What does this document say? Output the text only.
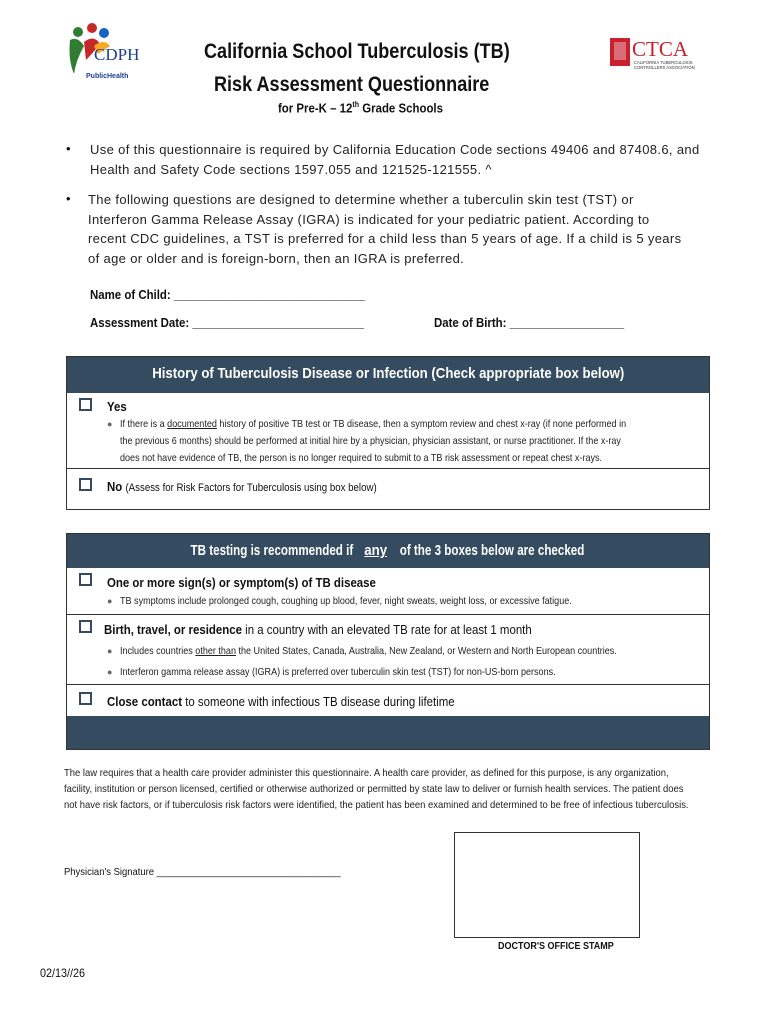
CDPH
PublicHealth
CTCA
CALIFORNIA TUBERCULOSIS
CONTROLLERS ASSOCIATION
California School Tuberculosis (TB)
Risk Assessment Questionnaire
for Pre-K – 12th Grade Schools
• Use of this questionnaire is required by California Education Code sections 49406 and 87408.6, and
Health and Safety Code sections 1597.055 and 121525-121555. ^
• The following questions are designed to determine whether a tuberculin skin test (TST) or
Interferon Gamma Release Assay (IGRA) is indicated for your pediatric patient. According to
recent CDC guidelines, a TST is preferred for a child less than 5 years of age. If a child is 5 years
of age or older and is foreign-born, then an IGRA is preferred.
Name of Child: ______________________________
Assessment Date: ___________________________	Date of Birth: __________________
History of Tuberculosis Disease or Infection (Check appropriate box below)
Yes
● If there is a documented history of positive TB test or TB disease, then a symptom review and chest x-ray (if none performed in
the previous 6 months) should be performed at initial hire by a physician, physician assistant, or nurse practitioner. If the x-ray
does not have evidence of TB, the person is no longer required to submit to a TB risk assessment or repeat chest x-rays.
No (Assess for Risk Factors for Tuberculosis using box below)
TB testing is recommended ifanyof the 3 boxes below are checked
One or more sign(s) or symptom(s) of TB disease
● TB symptoms include prolonged cough, coughing up blood, fever, night sweats, weight loss, or excessive fatigue.
Birth, travel, or residence in a country with an elevated TB rate for at least 1 month
● Includes countries other than the United States, Canada, Australia, New Zealand, or Western and North European countries.
● Interferon gamma release assay (IGRA) is preferred over tuberculin skin test (TST) for non-US-born persons.
Close contact to someone with infectious TB disease during lifetime
The law requires that a health care provider administer this questionnaire. A health care provider, as defined for this purpose, is any organization, facility, institution or person licensed, certified or otherwise authorized or permitted by state law to deliver or furnish health services. The patient does not have risk factors, or if tuberculosis risk factors were identified, the patient has been examined and determined to be free of infectious tuberculosis.
Physician's Signature ___________________________________
DOCTOR'S OFFICE STAMP
02/13//26
